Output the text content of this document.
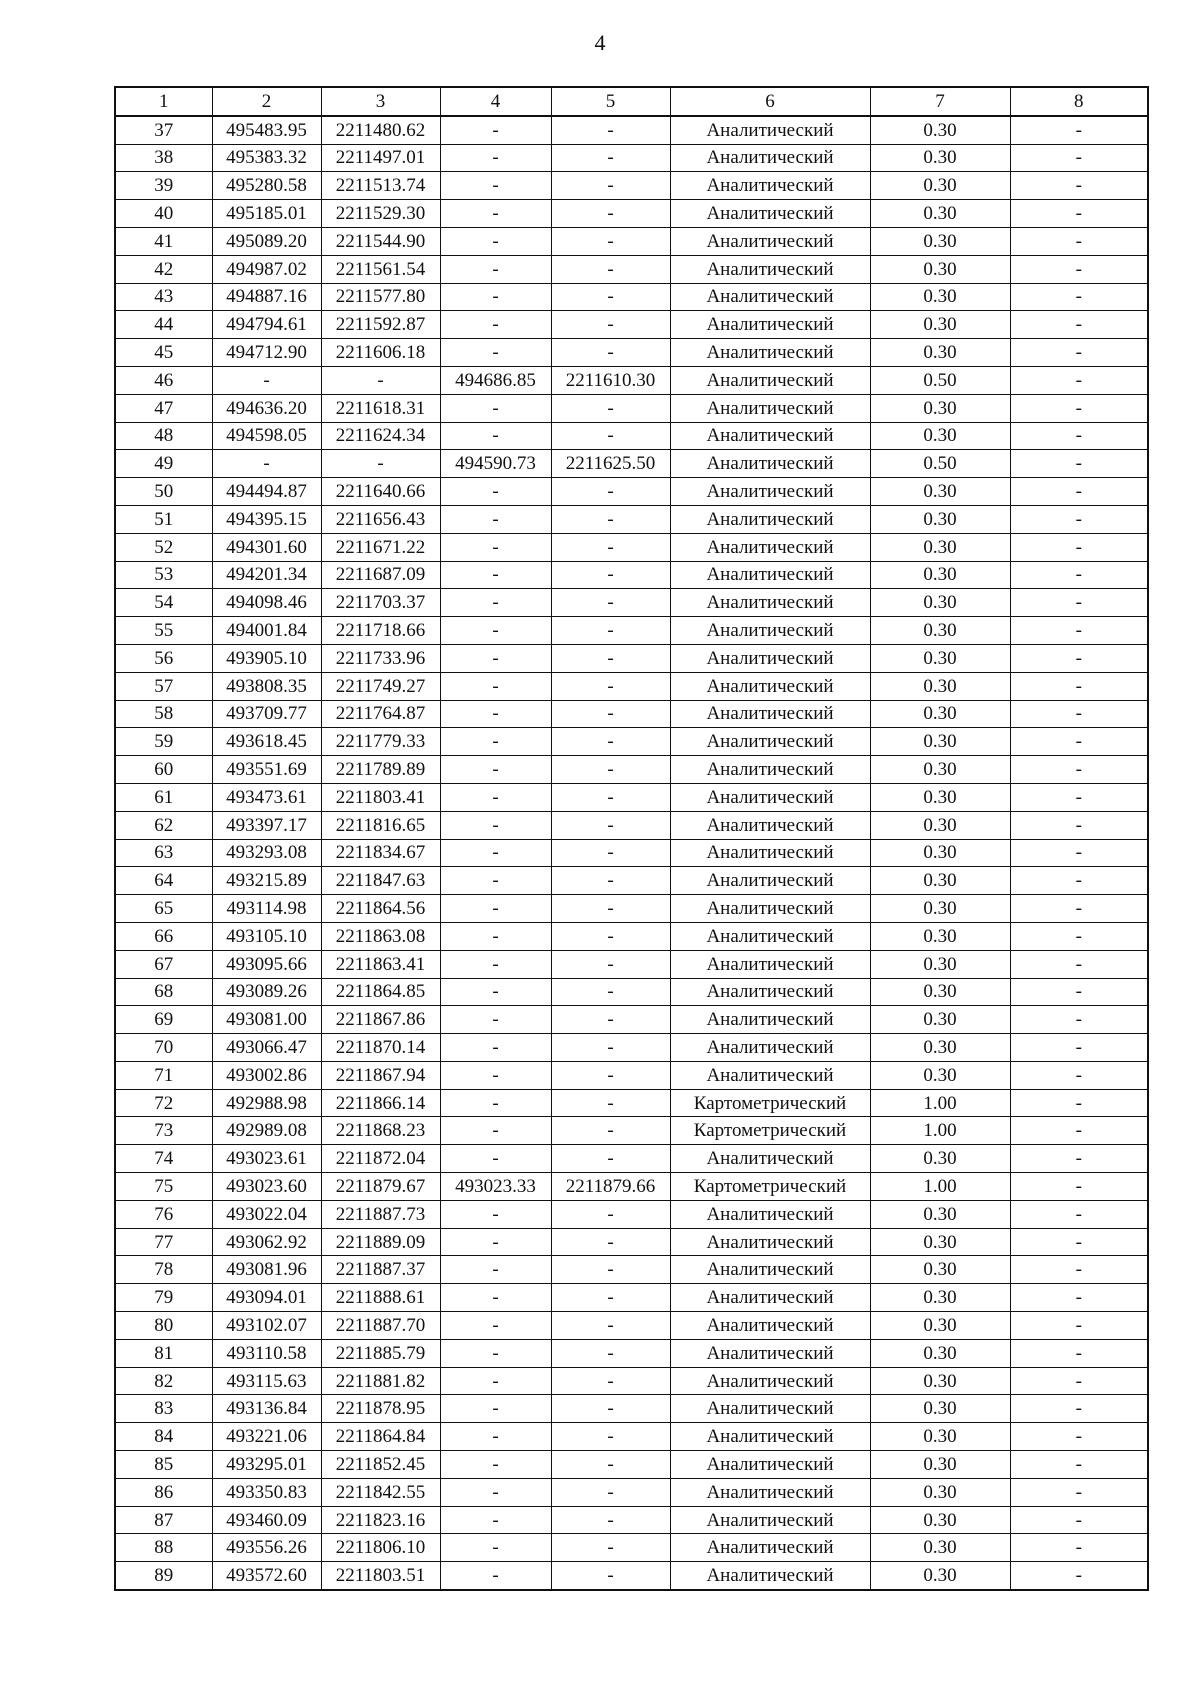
4
1	2	3	4	5	6	7	8
37	495483.95	2211480.62	-	-	Аналитический	0.30	-
38	495383.32	2211497.01	-	-	Аналитический	0.30	-
39	495280.58	2211513.74	-	-	Аналитический	0.30	-
40	495185.01	2211529.30	-	-	Аналитический	0.30	-
41	495089.20	2211544.90	-	-	Аналитический	0.30	-
42	494987.02	2211561.54	-	-	Аналитический	0.30	-
43	494887.16	2211577.80	-	-	Аналитический	0.30	-
44	494794.61	2211592.87	-	-	Аналитический	0.30	-
45	494712.90	2211606.18	-	-	Аналитический	0.30	-
46	-	-	494686.85	2211610.30	Аналитический	0.50	-
47	494636.20	2211618.31	-	-	Аналитический	0.30	-
48	494598.05	2211624.34	-	-	Аналитический	0.30	-
49	-	-	494590.73	2211625.50	Аналитический	0.50	-
50	494494.87	2211640.66	-	-	Аналитический	0.30	-
51	494395.15	2211656.43	-	-	Аналитический	0.30	-
52	494301.60	2211671.22	-	-	Аналитический	0.30	-
53	494201.34	2211687.09	-	-	Аналитический	0.30	-
54	494098.46	2211703.37	-	-	Аналитический	0.30	-
55	494001.84	2211718.66	-	-	Аналитический	0.30	-
56	493905.10	2211733.96	-	-	Аналитический	0.30	-
57	493808.35	2211749.27	-	-	Аналитический	0.30	-
58	493709.77	2211764.87	-	-	Аналитический	0.30	-
59	493618.45	2211779.33	-	-	Аналитический	0.30	-
60	493551.69	2211789.89	-	-	Аналитический	0.30	-
61	493473.61	2211803.41	-	-	Аналитический	0.30	-
62	493397.17	2211816.65	-	-	Аналитический	0.30	-
63	493293.08	2211834.67	-	-	Аналитический	0.30	-
64	493215.89	2211847.63	-	-	Аналитический	0.30	-
65	493114.98	2211864.56	-	-	Аналитический	0.30	-
66	493105.10	2211863.08	-	-	Аналитический	0.30	-
67	493095.66	2211863.41	-	-	Аналитический	0.30	-
68	493089.26	2211864.85	-	-	Аналитический	0.30	-
69	493081.00	2211867.86	-	-	Аналитический	0.30	-
70	493066.47	2211870.14	-	-	Аналитический	0.30	-
71	493002.86	2211867.94	-	-	Аналитический	0.30	-
72	492988.98	2211866.14	-	-	Картометрический	1.00	-
73	492989.08	2211868.23	-	-	Картометрический	1.00	-
74	493023.61	2211872.04	-	-	Аналитический	0.30	-
75	493023.60	2211879.67	493023.33	2211879.66	Картометрический	1.00	-
76	493022.04	2211887.73	-	-	Аналитический	0.30	-
77	493062.92	2211889.09	-	-	Аналитический	0.30	-
78	493081.96	2211887.37	-	-	Аналитический	0.30	-
79	493094.01	2211888.61	-	-	Аналитический	0.30	-
80	493102.07	2211887.70	-	-	Аналитический	0.30	-
81	493110.58	2211885.79	-	-	Аналитический	0.30	-
82	493115.63	2211881.82	-	-	Аналитический	0.30	-
83	493136.84	2211878.95	-	-	Аналитический	0.30	-
84	493221.06	2211864.84	-	-	Аналитический	0.30	-
85	493295.01	2211852.45	-	-	Аналитический	0.30	-
86	493350.83	2211842.55	-	-	Аналитический	0.30	-
87	493460.09	2211823.16	-	-	Аналитический	0.30	-
88	493556.26	2211806.10	-	-	Аналитический	0.30	-
89	493572.60	2211803.51	-	-	Аналитический	0.30	-
